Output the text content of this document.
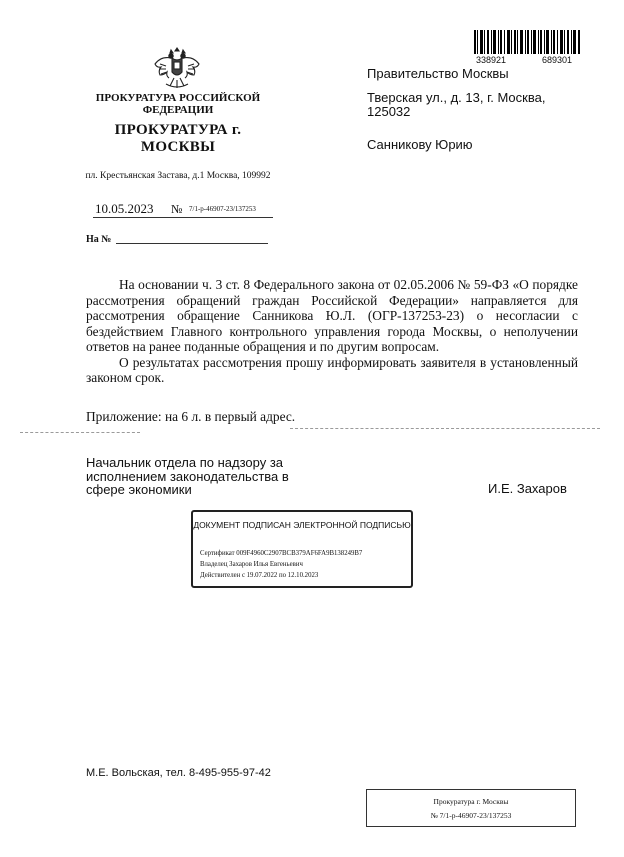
ПРОКУРАТУРА РОССИЙСКОЙ ФЕДЕРАЦИИ
ПРОКУРАТУРА г. МОСКВЫ
пл. Крестьянская Застава, д.1 Москва, 109992
10.05.2023 № 7/1-р-46907-23/137253
На №
338921	689301
Правительство Москвы
Тверская ул., д. 13, г. Москва, 125032
Санникову Юрию

На основании ч. 3 ст. 8 Федерального закона от 02.05.2006 № 59-ФЗ «О порядке рассмотрения обращений граждан Российской Федерации» направляется для рассмотрения обращение Санникова Ю.Л. (ОГР-137253-23) о несогласии с бездействием Главного контрольного управления города Москвы, о неполучении ответов на ранее поданные обращения и по другим вопросам.

О результатах рассмотрения прошу информировать заявителя в установленный законом срок.

Приложение: на 6 л. в первый адрес.
Начальник отдела по надзору за исполнением законодательства в сфере экономики	И.Е. Захаров
ДОКУМЕНТ ПОДПИСАН ЭЛЕКТРОННОЙ ПОДПИСЬЮ
Сертификат 009F4960C2907BCB379AF6FA9B138249B7
Владелец Захаров Илья Евгеньевич
Действителен с 19.07.2022 по 12.10.2023
М.Е. Вольская, тел. 8-495-955-97-42
Прокуратура г. Москвы
№ 7/1-р-46907-23/137253
